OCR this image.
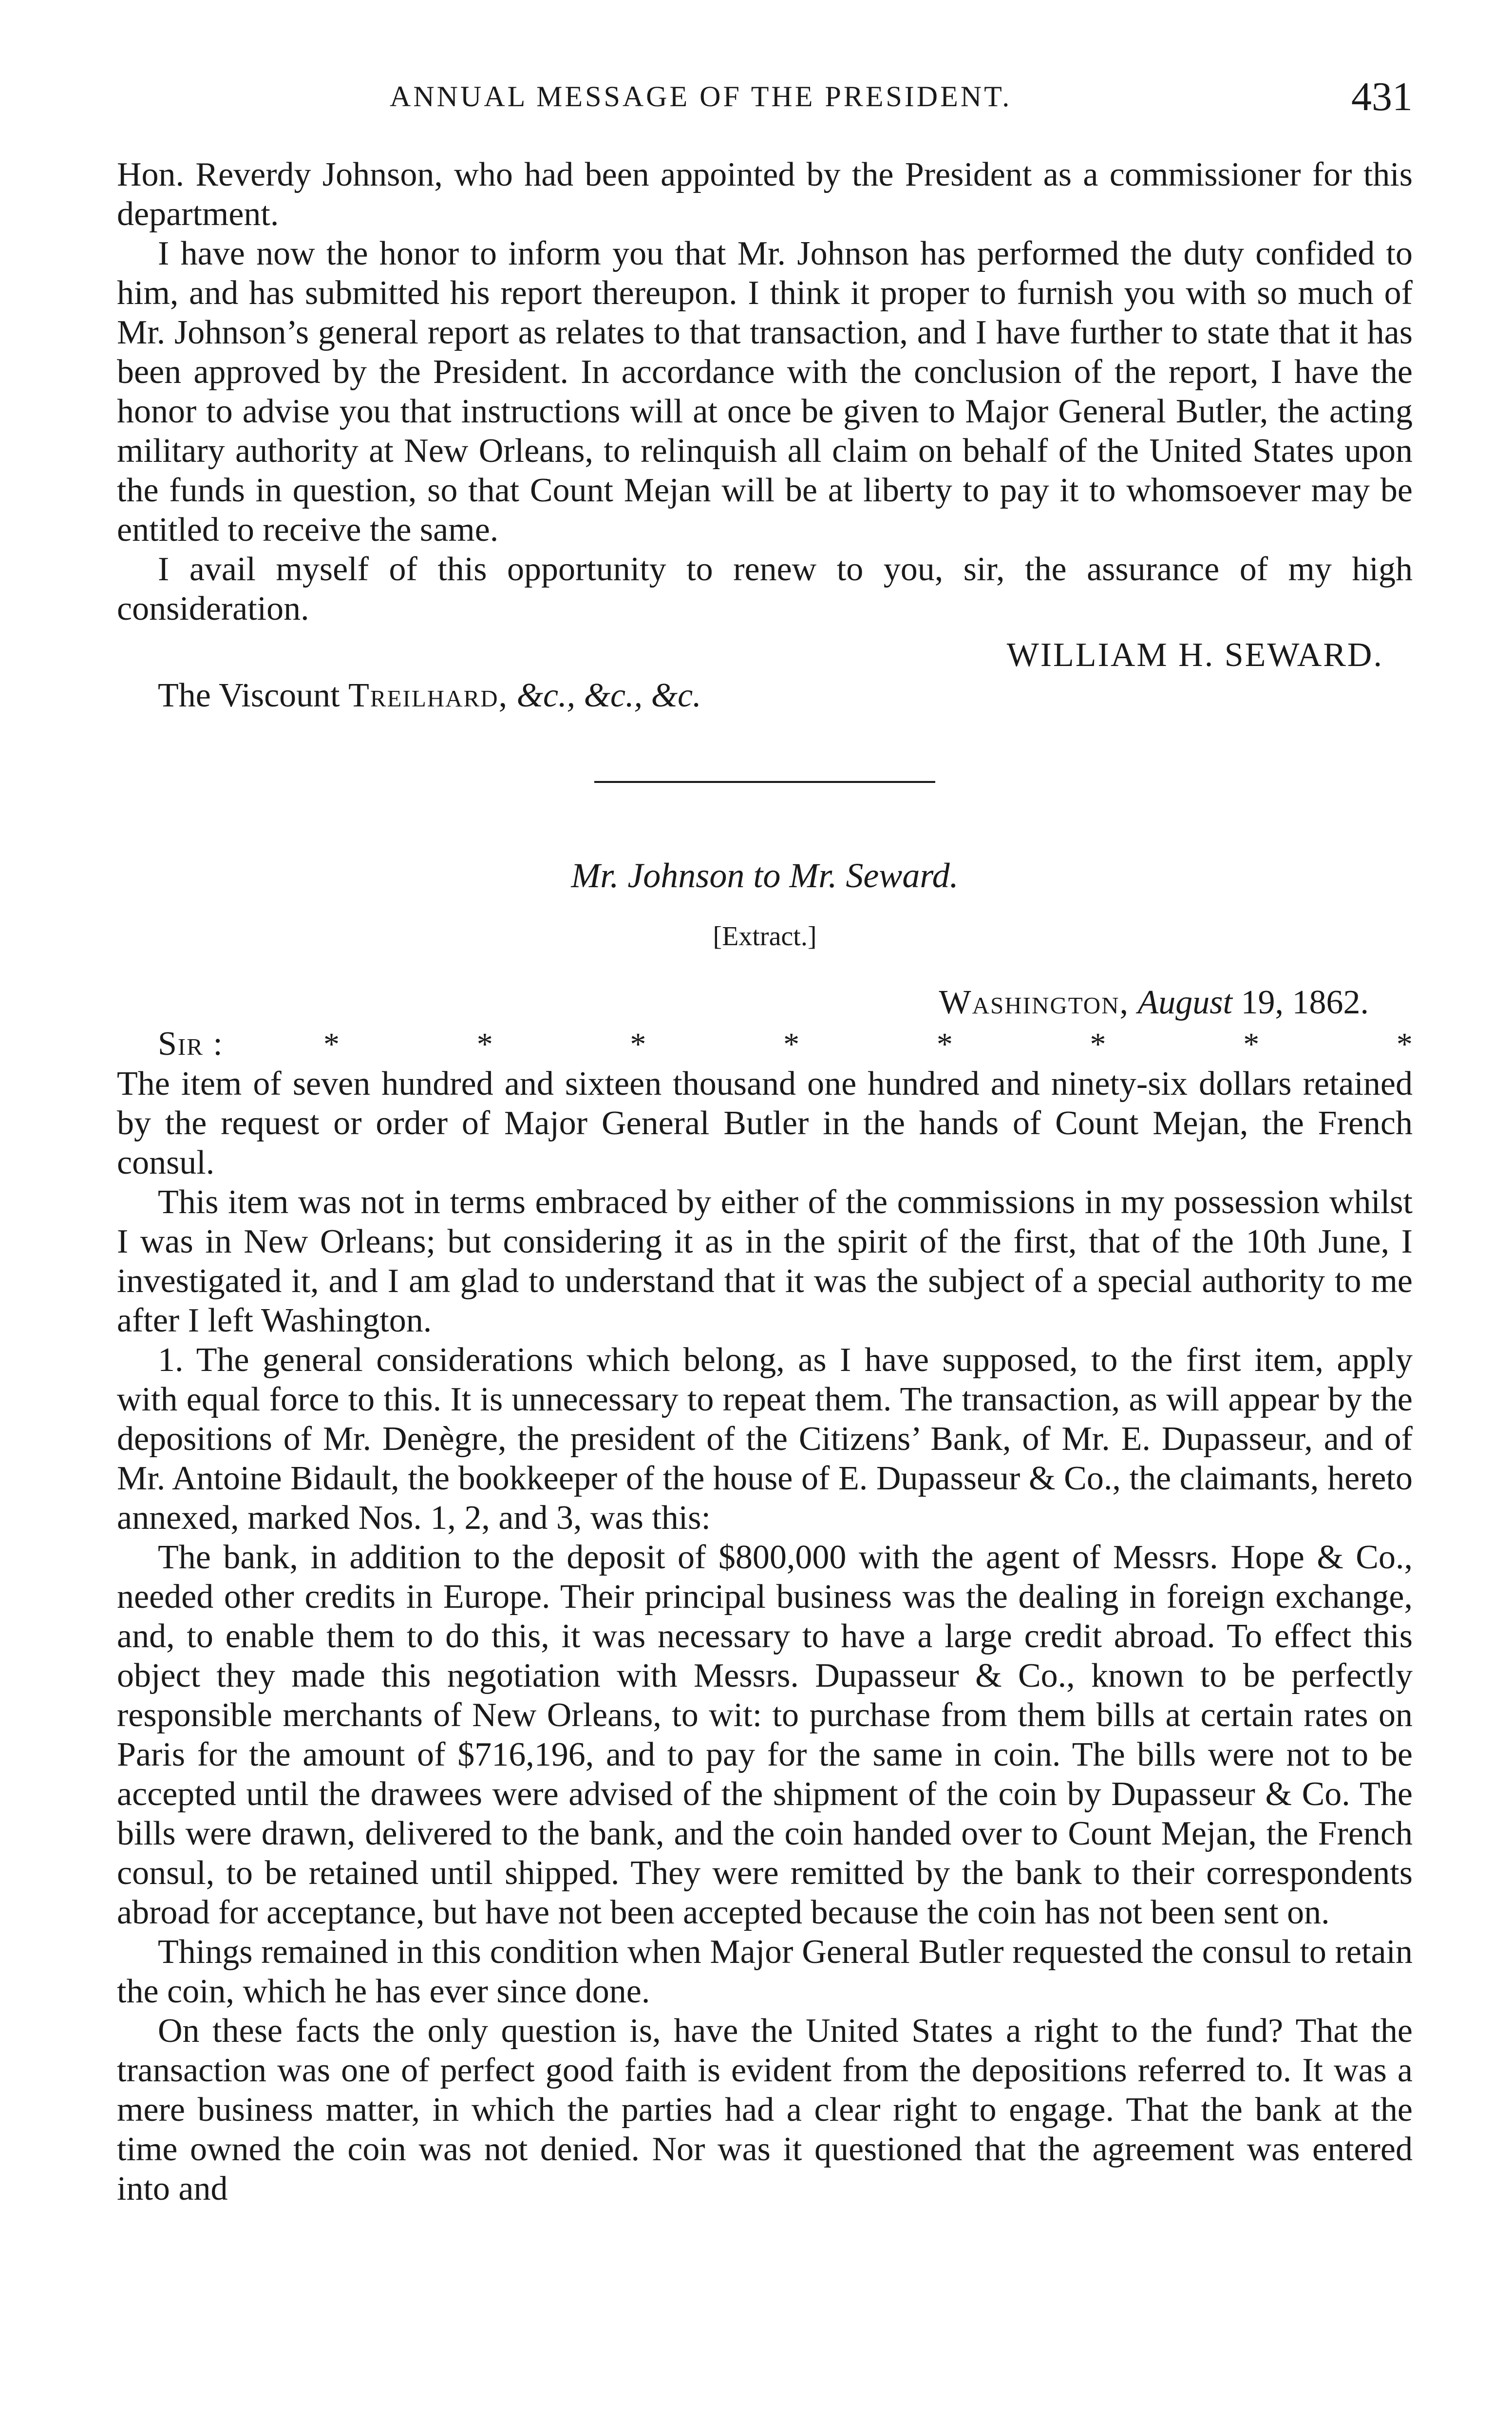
ANNUAL MESSAGE OF THE PRESIDENT.	431

Hon. Reverdy Johnson, who had been appointed by the President as a commissioner for this department.

I have now the honor to inform you that Mr. Johnson has performed the duty confided to him, and has submitted his report thereupon. I think it proper to furnish you with so much of Mr. Johnson’s general report as relates to that transaction, and I have further to state that it has been approved by the President. In accordance with the conclusion of the report, I have the honor to advise you that instructions will at once be given to Major General Butler, the acting military authority at New Orleans, to relinquish all claim on behalf of the United States upon the funds in question, so that Count Mejan will be at liberty to pay it to whomsoever may be entitled to receive the same.

I avail myself of this opportunity to renew to you, sir, the assurance of my high consideration.

WILLIAM H. SEWARD.

The Viscount Treilhard, &c., &c., &c.

Mr. Johnson to Mr. Seward.

[Extract.]

Washington, August 19, 1862.

Sir :	*	*	*	*	*	*	*	*

The item of seven hundred and sixteen thousand one hundred and ninety-six dollars retained by the request or order of Major General Butler in the hands of Count Mejan, the French consul.

This item was not in terms embraced by either of the commissions in my possession whilst I was in New Orleans; but considering it as in the spirit of the first, that of the 10th June, I investigated it, and I am glad to understand that it was the subject of a special authority to me after I left Washington.

1. The general considerations which belong, as I have supposed, to the first item, apply with equal force to this. It is unnecessary to repeat them. The transaction, as will appear by the depositions of Mr. Denègre, the president of the Citizens’ Bank, of Mr. E. Dupasseur, and of Mr. Antoine Bidault, the bookkeeper of the house of E. Dupasseur & Co., the claimants, hereto annexed, marked Nos. 1, 2, and 3, was this:

The bank, in addition to the deposit of $800,000 with the agent of Messrs. Hope & Co., needed other credits in Europe. Their principal business was the dealing in foreign exchange, and, to enable them to do this, it was necessary to have a large credit abroad. To effect this object they made this negotiation with Messrs. Dupasseur & Co., known to be perfectly responsible merchants of New Orleans, to wit: to purchase from them bills at certain rates on Paris for the amount of $716,196, and to pay for the same in coin. The bills were not to be accepted until the drawees were advised of the shipment of the coin by Dupasseur & Co. The bills were drawn, delivered to the bank, and the coin handed over to Count Mejan, the French consul, to be retained until shipped. They were remitted by the bank to their correspondents abroad for acceptance, but have not been accepted because the coin has not been sent on.

Things remained in this condition when Major General Butler requested the consul to retain the coin, which he has ever since done.

On these facts the only question is, have the United States a right to the fund? That the transaction was one of perfect good faith is evident from the depositions referred to. It was a mere business matter, in which the parties had a clear right to engage. That the bank at the time owned the coin was not denied. Nor was it questioned that the agreement was entered into and
